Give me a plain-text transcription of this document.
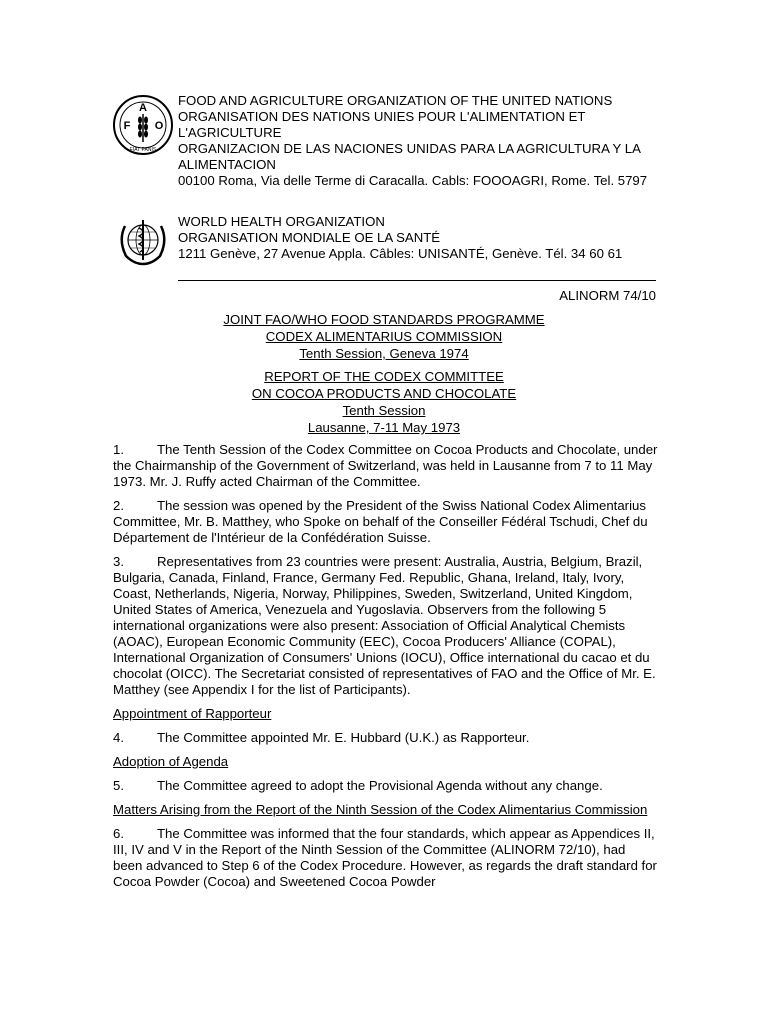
A
F O
FIAT PANIS
FOOD AND AGRICULTURE ORGANIZATION OF THE UNITED NATIONS
ORGANISATION DES NATIONS UNIES POUR L'ALIMENTATION ET L'AGRICULTURE
ORGANIZACION DE LAS NACIONES UNIDAS PARA LA AGRICULTURA Y LA ALIMENTACION
00100 Roma, Via delle Terme di Caracalla. Cabls: FOOOAGRI, Rome. Tel. 5797
WORLD HEALTH ORGANIZATION
ORGANISATION MONDIALE OE LA SANTÉ
1211 Genève, 27 Avenue Appla. Câbles: UNISANTÉ, Genève. Tél. 34 60 61
ALINORM 74/10
JOINT FAO/WHO FOOD STANDARDS PROGRAMME
CODEX ALIMENTARIUS COMMISSION
Tenth Session, Geneva 1974
REPORT OF THE CODEX COMMITTEE
ON COCOA PRODUCTS AND CHOCOLATE
Tenth Session
Lausanne, 7-11 May 1973

1.	The Tenth Session of the Codex Committee on Cocoa Products and Chocolate, under the Chairmanship of the Government of Switzerland, was held in Lausanne from 7 to 11 May 1973. Mr. J. Ruffy acted Chairman of the Committee.

2.	The session was opened by the President of the Swiss National Codex Alimentarius Committee, Mr. B. Matthey, who Spoke on behalf of the Conseiller Fédéral Tschudi, Chef du Département de l'Intérieur de la Confédération Suisse.

3.	Representatives from 23 countries were present: Australia, Austria, Belgium, Brazil, Bulgaria, Canada, Finland, France, Germany Fed. Republic, Ghana, Ireland, Italy, Ivory, Coast, Netherlands, Nigeria, Norway, Philippines, Sweden, Switzerland, United Kingdom, United States of America, Venezuela and Yugoslavia. Observers from the following 5 international organizations were also present: Association of Official Analytical Chemists (AOAC), European Economic Community (EEC), Cocoa Producers' Alliance (COPAL), International Organization of Consumers' Unions (IOCU), Office international du cacao et du chocolat (OICC). The Secretariat consisted of representatives of FAO and the Office of Mr. E. Matthey (see Appendix I for the list of Participants).

Appointment of Rapporteur

4.	The Committee appointed Mr. E. Hubbard (U.K.) as Rapporteur.

Adoption of Agenda

5.	The Committee agreed to adopt the Provisional Agenda without any change.

Matters Arising from the Report of the Ninth Session of the Codex Alimentarius Commission

6.	The Committee was informed that the four standards, which appear as Appendices II, III, IV and V in the Report of the Ninth Session of the Committee (ALINORM 72/10), had been advanced to Step 6 of the Codex Procedure. However, as regards the draft standard for Cocoa Powder (Cocoa) and Sweetened Cocoa Powder
